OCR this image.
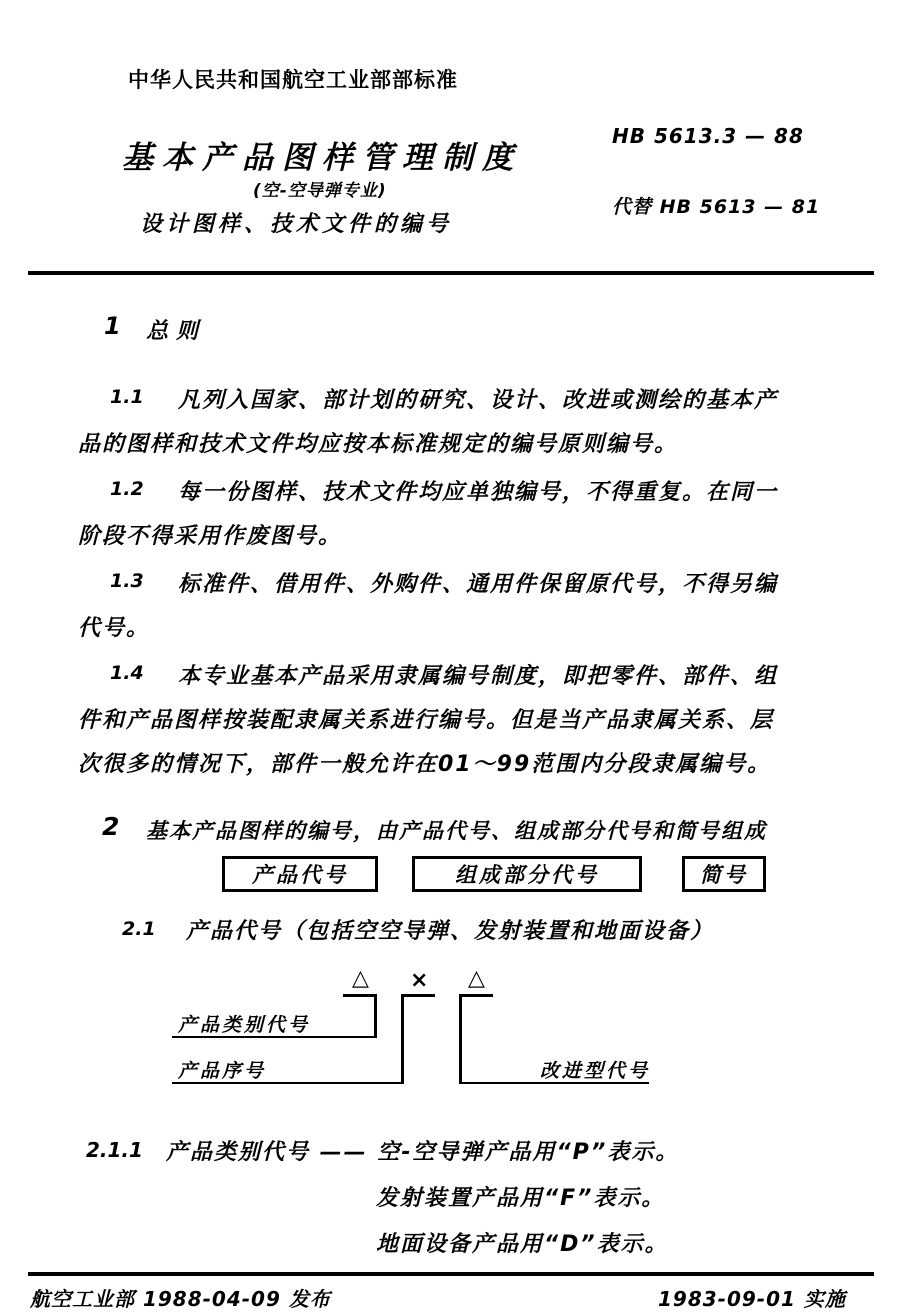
中华人民共和国航空工业部部标准
基本产品图样管理制度
(空-空导弹专业)
设计图样、技术文件的编号
HB 5613.3 — 88
代替 HB 5613 — 81
1 总则
1.1 凡列入国家、部计划的研究、设计、改进或测绘的基本产
品的图样和技术文件均应按本标准规定的编号原则编号。
1.2 每一份图样、技术文件均应单独编号，不得重复。在同一
阶段不得采用作废图号。
1.3 标准件、借用件、外购件、通用件保留原代号，不得另编
代号。
1.4 本专业基本产品采用隶属编号制度，即把零件、部件、组
件和产品图样按装配隶属关系进行编号。但是当产品隶属关系、层
次很多的情况下，部件一般允许在01～99范围内分段隶属编号。
2 基本产品图样的编号，由产品代号、组成部分代号和简号组成
产品代号	组成部分代号	简号
2.1 产品代号（包括空空导弹、发射装置和地面设备）
△ × △
产品类别代号
产品序号	改进型代号
2.1.1 产品类别代号 —— 空-空导弹产品用“P”表示。
发射装置产品用“F”表示。
地面设备产品用“D”表示。
航空工业部 1988-04-09 发布	1983-09-01 实施
